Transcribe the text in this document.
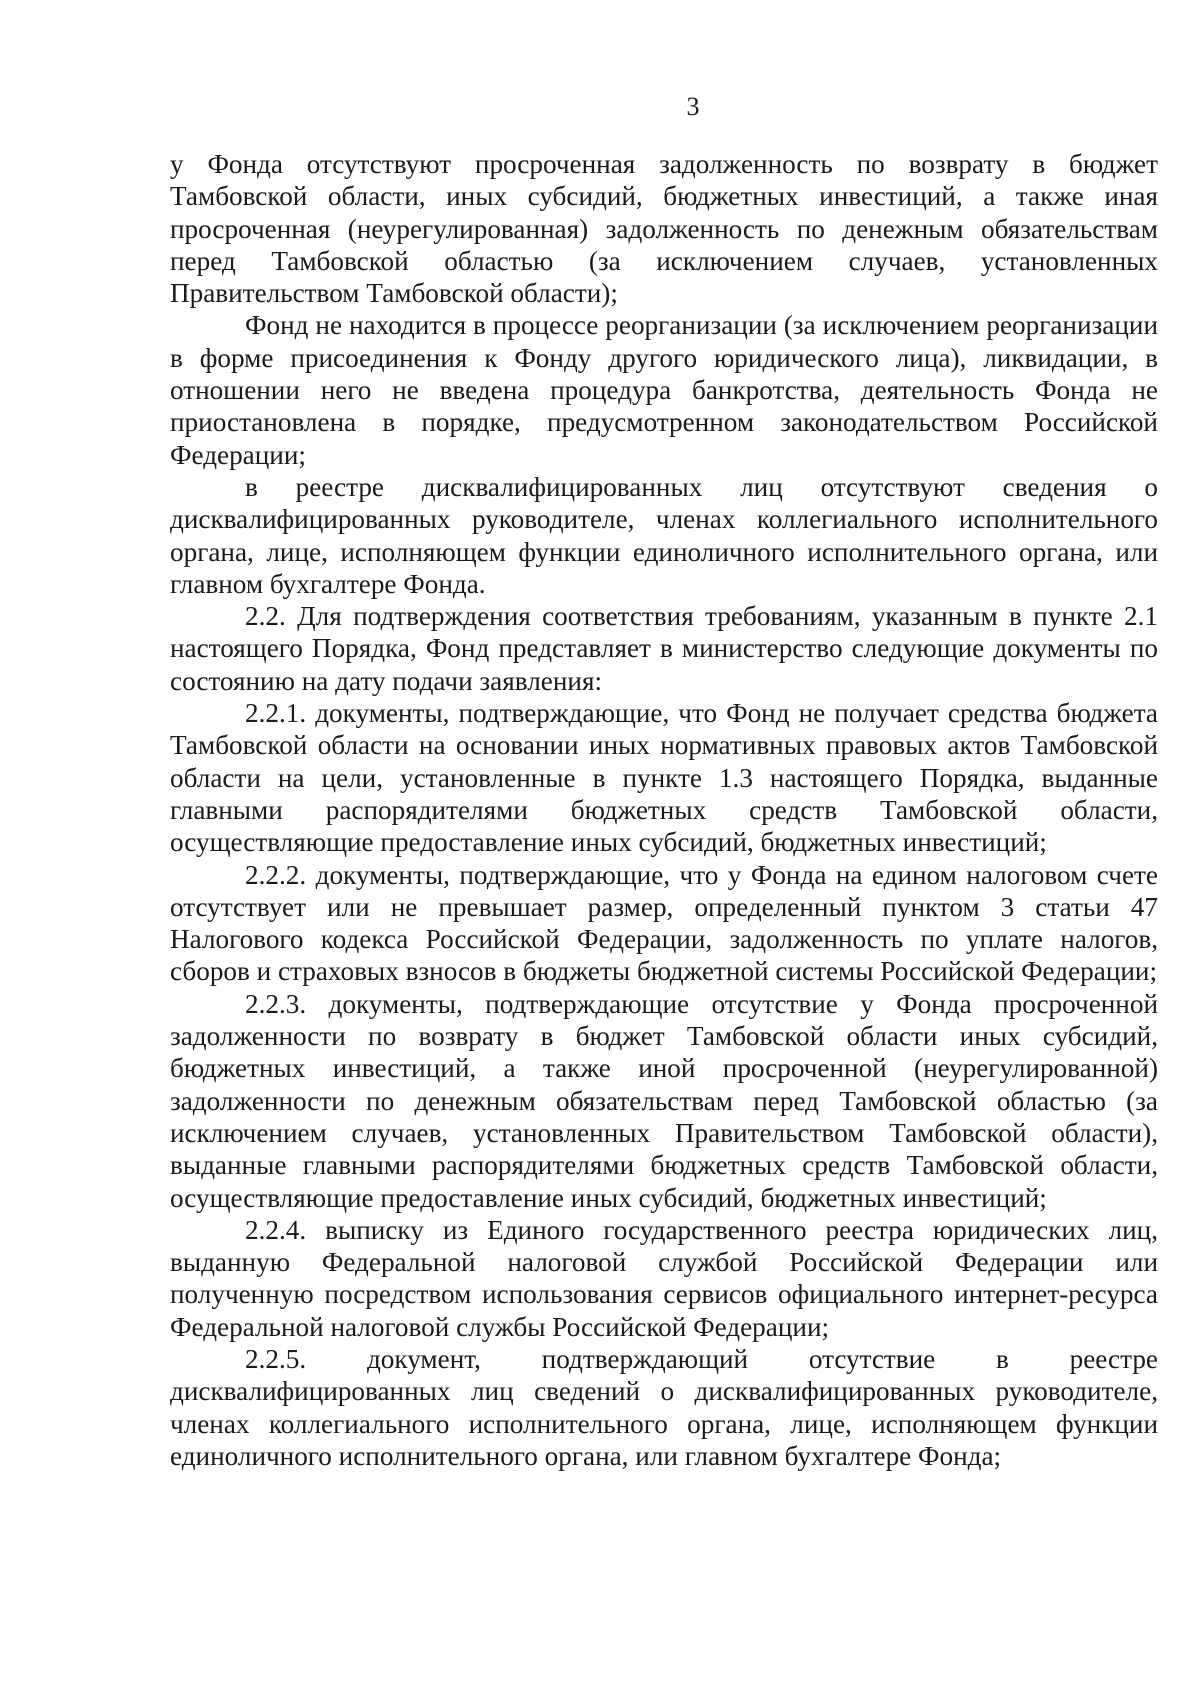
3

у Фонда отсутствуют просроченная задолженность по возврату в бюджет Тамбовской области, иных субсидий, бюджетных инвестиций, а также иная просроченная (неурегулированная) задолженность по денежным обязательствам перед Тамбовской областью (за исключением случаев, установленных Правительством Тамбовской области);

Фонд не находится в процессе реорганизации (за исключением реорганизации в форме присоединения к Фонду другого юридического лица), ликвидации, в отношении него не введена процедура банкротства, деятельность Фонда не приостановлена в порядке, предусмотренном законодательством Российской Федерации;

в реестре дисквалифицированных лиц отсутствуют сведения о дисквалифицированных руководителе, членах коллегиального исполнительного органа, лице, исполняющем функции единоличного исполнительного органа, или главном бухгалтере Фонда.

2.2. Для подтверждения соответствия требованиям, указанным в пункте 2.1 настоящего Порядка, Фонд представляет в министерство следующие документы по состоянию на дату подачи заявления:

2.2.1. документы, подтверждающие, что Фонд не получает средства бюджета Тамбовской области на основании иных нормативных правовых актов Тамбовской области на цели, установленные в пункте 1.3 настоящего Порядка, выданные главными распорядителями бюджетных средств Тамбовской области, осуществляющие предоставление иных субсидий, бюджетных инвестиций;

2.2.2. документы, подтверждающие, что у Фонда на едином налоговом счете отсутствует или не превышает размер, определенный пунктом 3 статьи 47 Налогового кодекса Российской Федерации, задолженность по уплате налогов, сборов и страховых взносов в бюджеты бюджетной системы Российской Федерации;

2.2.3. документы, подтверждающие отсутствие у Фонда просроченной задолженности по возврату в бюджет Тамбовской области иных субсидий, бюджетных инвестиций, а также иной просроченной (неурегулированной) задолженности по денежным обязательствам перед Тамбовской областью (за исключением случаев, установленных Правительством Тамбовской области), выданные главными распорядителями бюджетных средств Тамбовской области, осуществляющие предоставление иных субсидий, бюджетных инвестиций;

2.2.4. выписку из Единого государственного реестра юридических лиц, выданную Федеральной налоговой службой Российской Федерации или полученную посредством использования сервисов официального интернет-ресурса Федеральной налоговой службы Российской Федерации;

2.2.5. документ, подтверждающий отсутствие в реестре дисквалифицированных лиц сведений о дисквалифицированных руководителе, членах коллегиального исполнительного органа, лице, исполняющем функции единоличного исполнительного органа, или главном бухгалтере Фонда;
